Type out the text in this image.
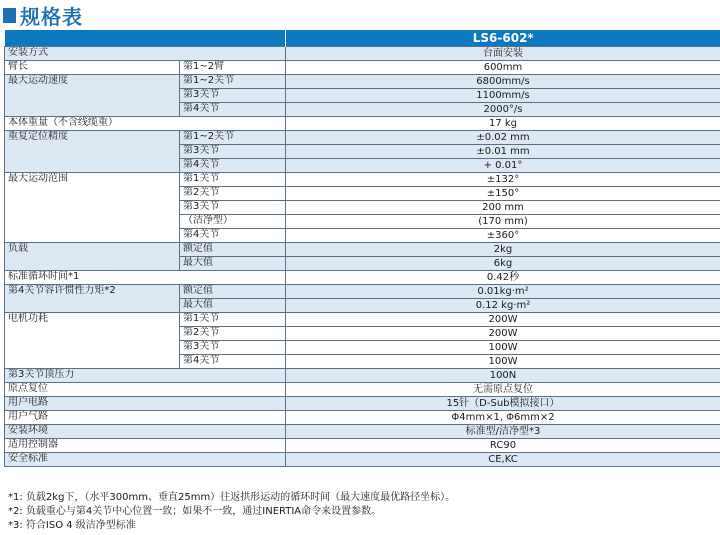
规格表
		LS6-602*
安装方式		台面安装
臂长	第1~2臂	600mm
最大运动速度	第1~2关节	6800mm/s
	第3关节	1100mm/s
	第4关节	2000°/s
本体重量（不含线缆重）		17 kg
重复定位精度	第1~2关节	±0.02 mm
	第3关节	±0.01 mm
	第4关节	+ 0.01°
最大运动范围	第1关节	±132°
	第2关节	±150°
	第3关节	200 mm
	（洁净型）	(170 mm)
	第4关节	±360°
负载	额定值	2kg
	最大值	6kg
标准循环时间*1		0.42秒
第4关节容许惯性力矩*2	额定值	0.01kg·m²
	最大值	0.12 kg·m²
电机功耗	第1关节	200W
	第2关节	200W
	第3关节	100W
	第4关节	100W
第3关节顶压力		100N
原点复位		无需原点复位
用户电路		15针（D-Sub模拟接口）
用户气路		Φ4mm×1, Φ6mm×2
安装环境		标准型/洁净型*3
适用控制器		RC90
安全标准		CE,KC
*1: 负载2kg下，（水平300mm、垂直25mm）往返拱形运动的循环时间（最大速度最优路径坐标）。
*2: 负载重心与第4关节中心位置一致；如果不一致，通过INERTIA命令来设置参数。
*3: 符合ISO 4 级洁净型标准
